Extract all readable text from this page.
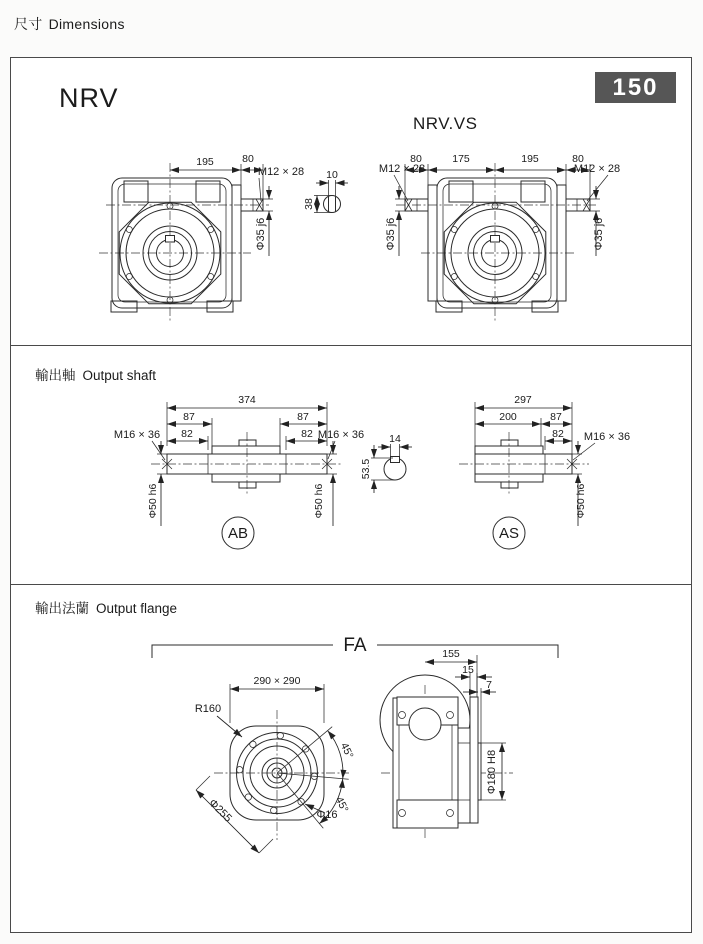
尺寸 Dimensions
NRV	150
NRV.VS
195	80
M12 × 28
Φ35 j6
10
38
80	175	195	80
M12 × 28	M12 × 28
Φ35 j6	Φ35 j6
輸出軸 Output shaft
374
87	87
82	82
M16 × 36	M16 × 36
Φ50 h6	Φ50 h6
AB
14
53.5
297
200	87
82 M16 × 36
Φ50 h6
AS
輸出法蘭 Output flange
FA
45°
45°
290 × 290
R160
Φ255	Φ16
155
15
7
Φ180 H8
